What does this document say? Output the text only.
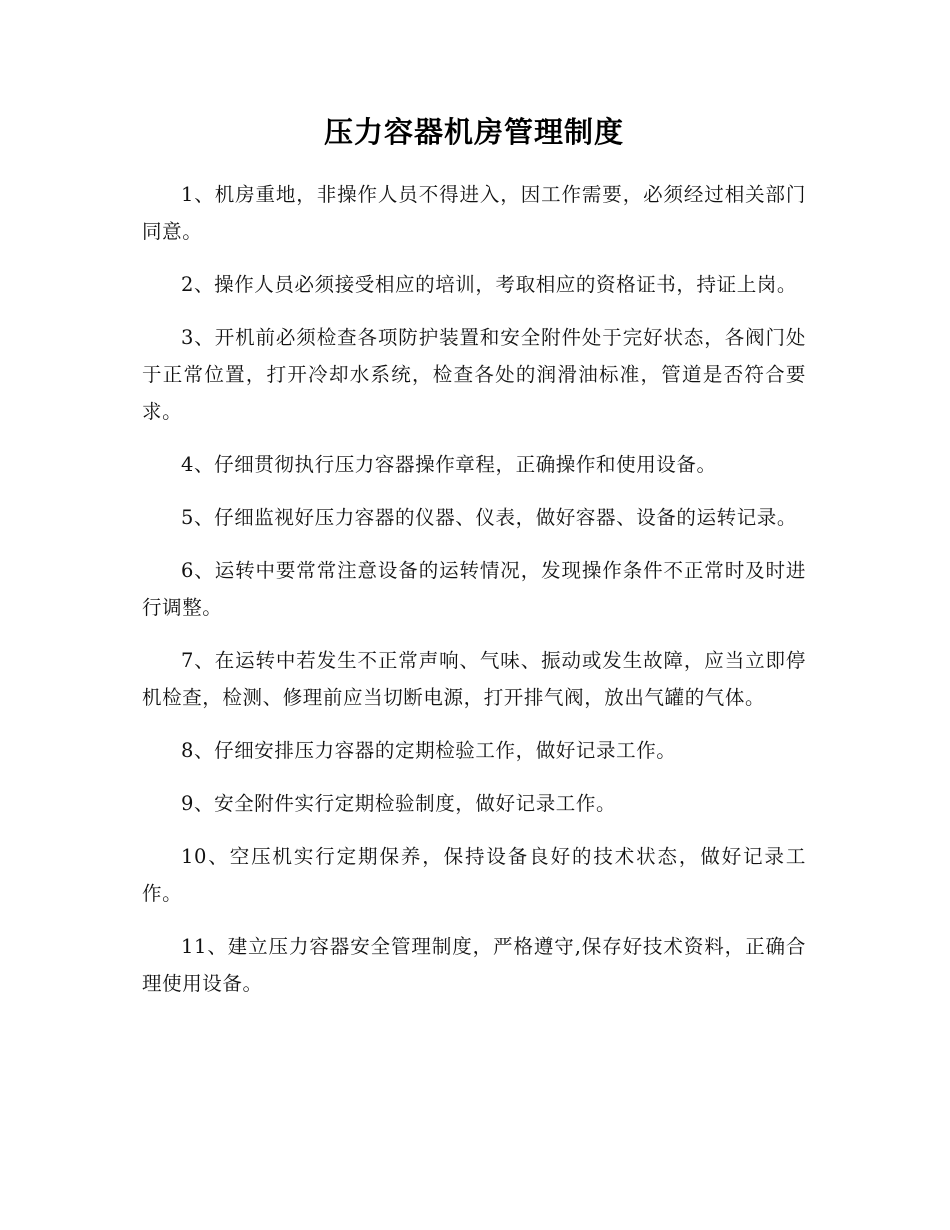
压力容器机房管理制度

1、机房重地，非操作人员不得进入，因工作需要，必须经过相关部门同意。

2、操作人员必须接受相应的培训，考取相应的资格证书，持证上岗。

3、开机前必须检查各项防护装置和安全附件处于完好状态，各阀门处于正常位置，打开冷却水系统，检查各处的润滑油标准，管道是否符合要求。

4、仔细贯彻执行压力容器操作章程，正确操作和使用设备。

5、仔细监视好压力容器的仪器、仪表，做好容器、设备的运转记录。

6、运转中要常常注意设备的运转情况，发现操作条件不正常时及时进行调整。

7、在运转中若发生不正常声响、气味、振动或发生故障，应当立即停机检查，检测、修理前应当切断电源，打开排气阀，放出气罐的气体。

8、仔细安排压力容器的定期检验工作，做好记录工作。

9、安全附件实行定期检验制度，做好记录工作。

10、空压机实行定期保养，保持设备良好的技术状态，做好记录工作。

11、建立压力容器安全管理制度，严格遵守,保存好技术资料，正确合理使用设备。
